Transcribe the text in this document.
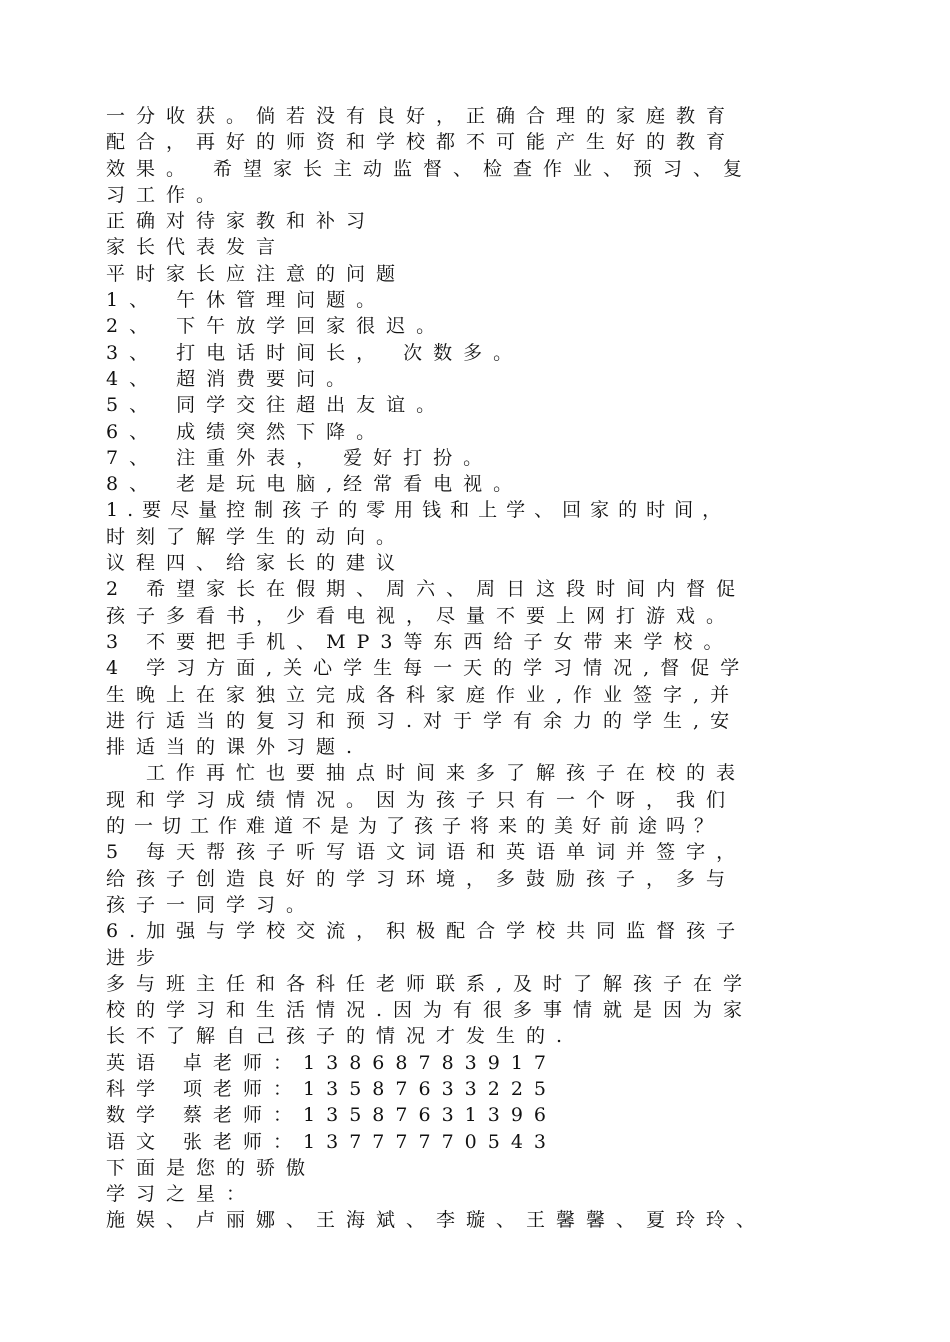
一分收获。倘若没有良好，正确合理的家庭教育
配合，再好的师资和学校都不可能产生好的教育
效果。 希望家长主动监督、检查作业、预习、复
习工作。
正确对待家教和补习
家长代表发言
平时家长应注意的问题
1、 午休管理问题。
2、 下午放学回家很迟。
3、 打电话时间长， 次数多。
4、 超消费要问。
5、 同学交往超出友谊。
6、 成绩突然下降。
7、 注重外表， 爱好打扮。
8、 老是玩电脑,经常看电视。
1.要尽量控制孩子的零用钱和上学、回家的时间，
时刻了解学生的动向。
议程四、给家长的建议
2 希望家长在假期、周六、周日这段时间内督促
孩子多看书，少看电视，尽量不要上网打游戏。
3 不要把手机、MP3等东西给子女带来学校。
4 学习方面,关心学生每一天的学习情况,督促学
生晚上在家独立完成各科家庭作业,作业签字,并
进行适当的复习和预习.对于学有余力的学生,安
排适当的课外习题.
工作再忙也要抽点时间来多了解孩子在校的表
现和学习成绩情况。因为孩子只有一个呀，我们
的一切工作难道不是为了孩子将来的美好前途吗？
5 每天帮孩子听写语文词语和英语单词并签字，
给孩子创造良好的学习环境，多鼓励孩子，多与
孩子一同学习。
6.加强与学校交流，积极配合学校共同监督孩子
进步
多与班主任和各科任老师联系,及时了解孩子在学
校的学习和生活情况.因为有很多事情就是因为家
长不了解自己孩子的情况才发生的.
英语 卓老师：13868783917
科学 项老师：13587633225
数学 蔡老师：13587631396
语文 张老师：13777770543
下面是您的骄傲
学习之星：
施娱、卢丽娜、王海斌、李璇、王馨馨、夏玲玲、
